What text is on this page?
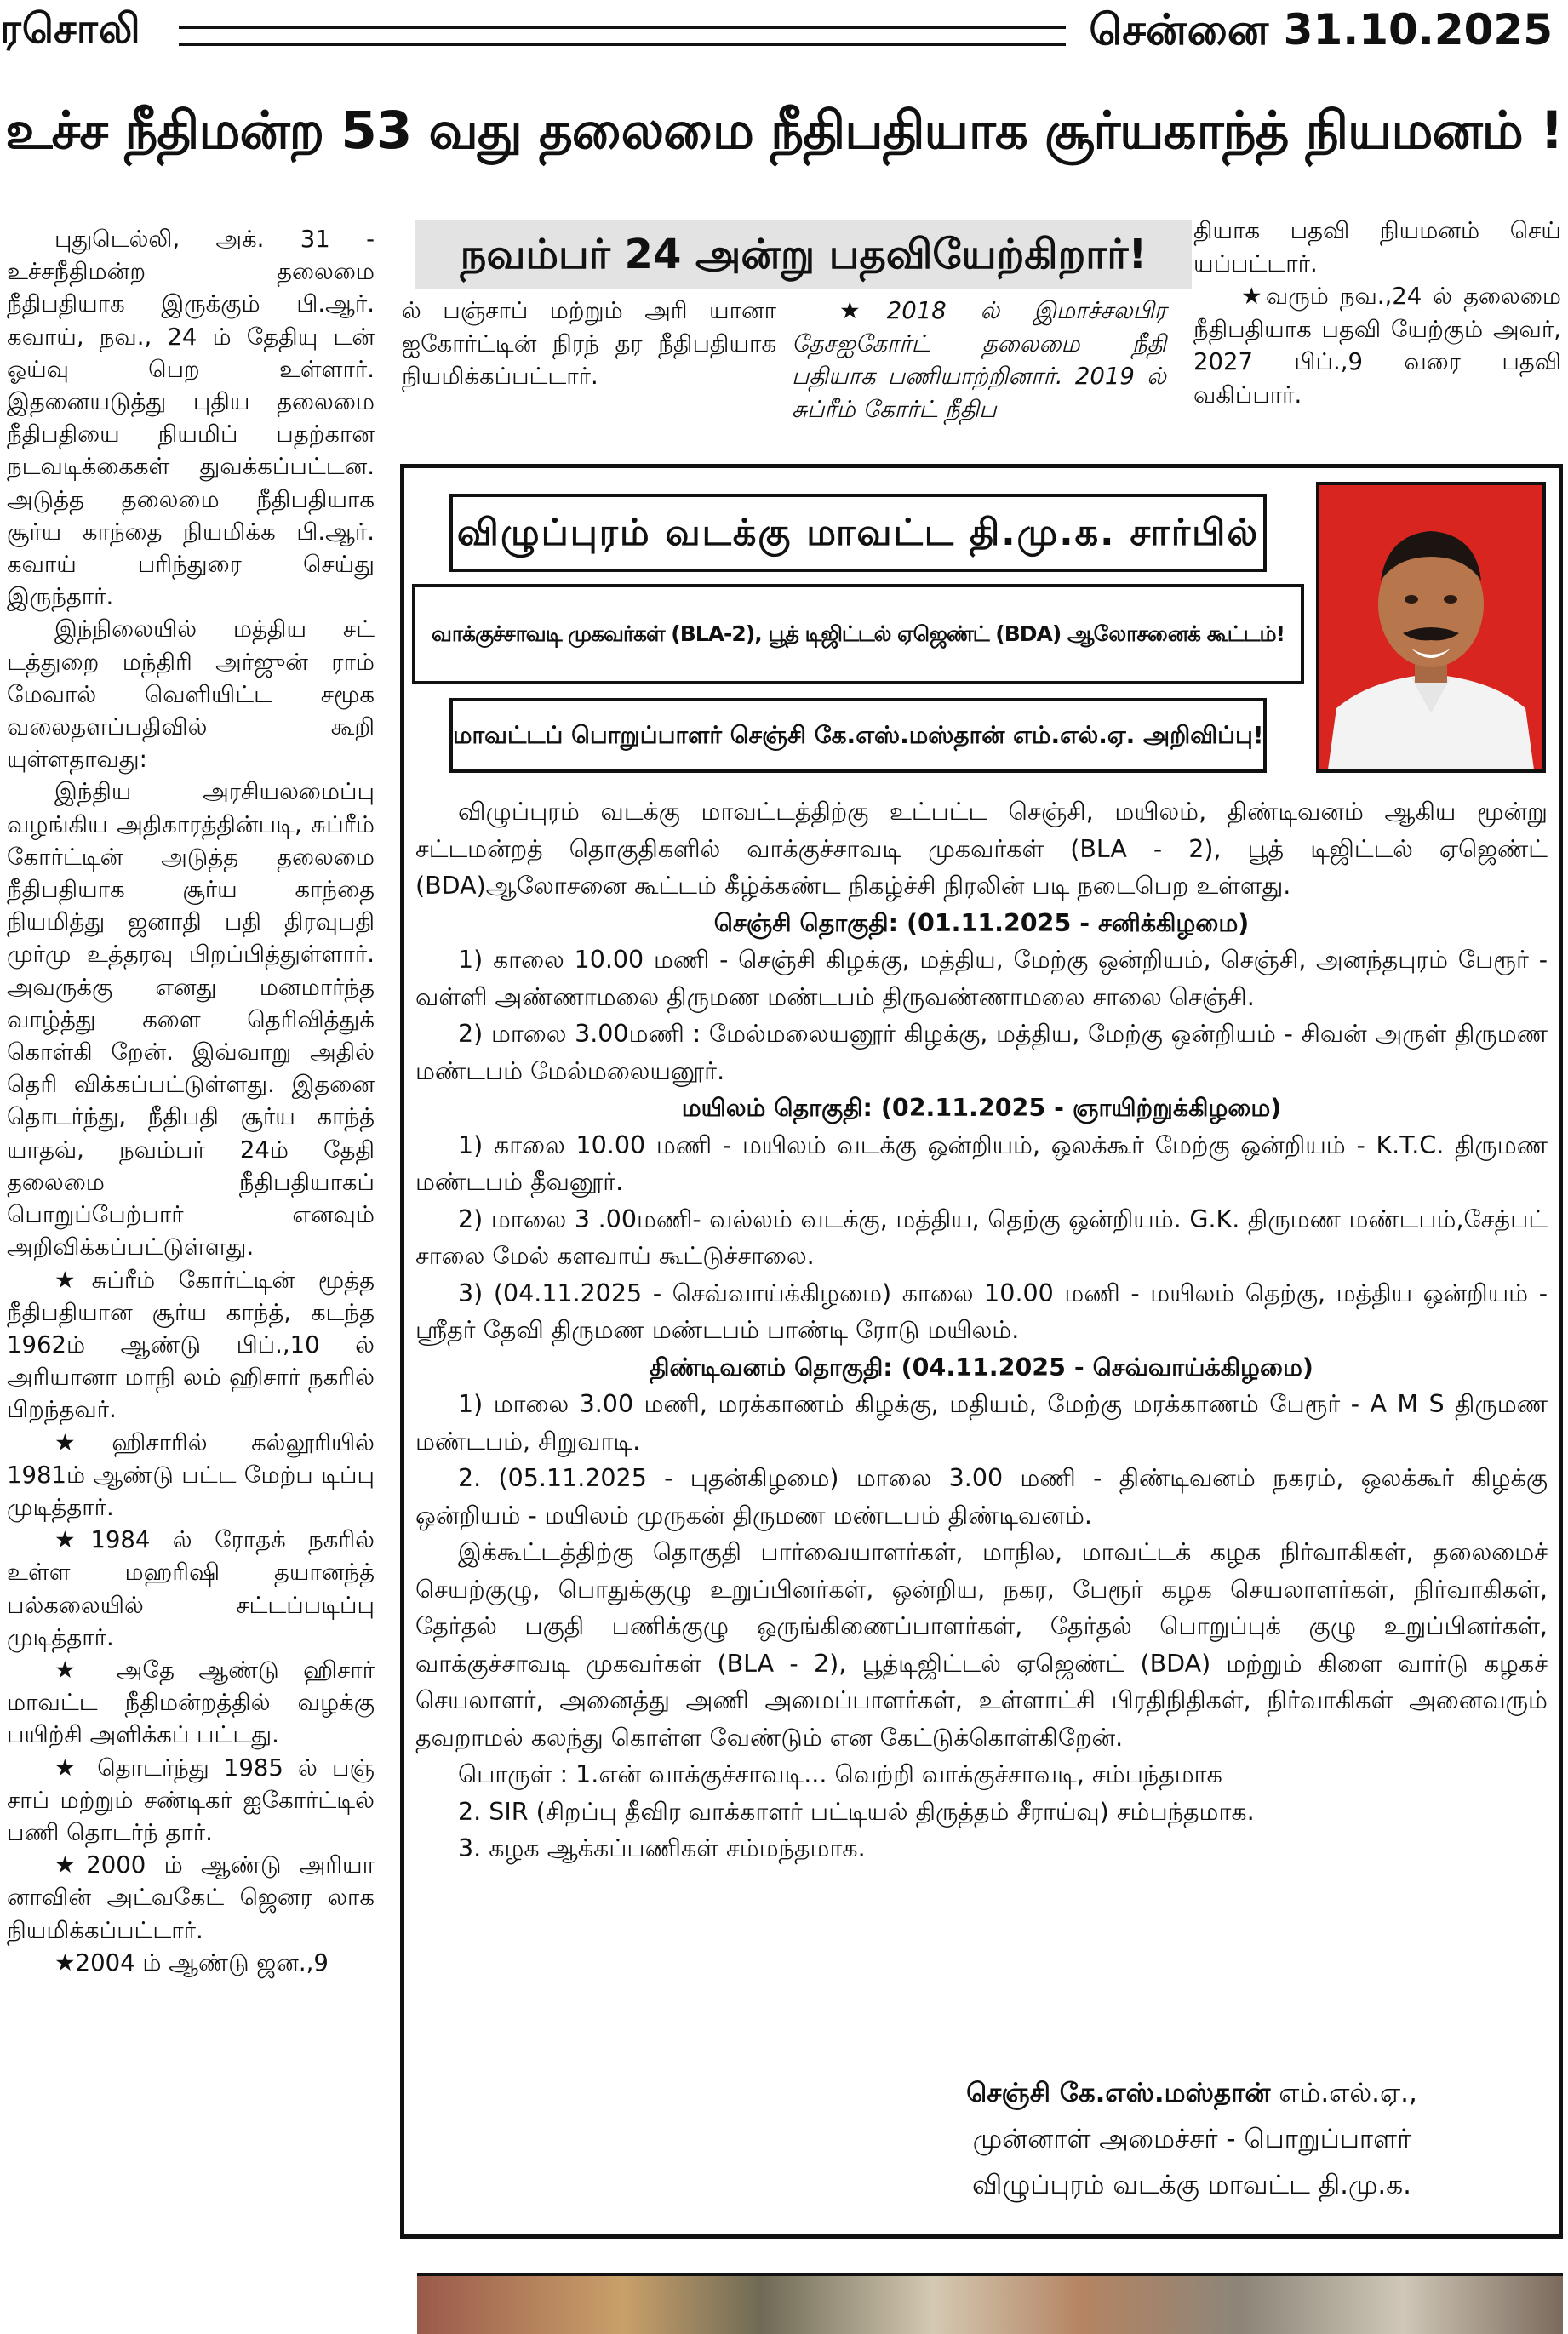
ரசொலி	சென்னை 31.10.2025
உச்ச நீதிமன்ற 53 வது தலைமை நீதிபதியாக சூர்யகாந்த் நியமனம் !

புதுடெல்லி, அக். 31 - உச்சநீதிமன்ற தலைமை நீதிபதியாக இருக்கும் பி.ஆர். கவாய், நவ., 24 ம் தேதியு டன் ஓய்வு பெற உள்ளார். இதனையடுத்து புதிய தலைமை நீதிபதியை நியமிப் பதற்கான நடவடிக்கைகள் துவக்கப்பட்டன. அடுத்த தலைமை நீதிபதியாக சூர்ய காந்தை நியமிக்க பி.ஆர். கவாய் பரிந்துரை செய்து இருந்தார்.

இந்நிலையில் மத்திய சட் டத்துறை மந்திரி அர்ஜுன் ராம் மேவால் வெளியிட்ட சமூக வலைதளப்பதிவில் கூறி யுள்ளதாவது:

இந்திய அரசியலமைப்பு வழங்கிய அதிகாரத்தின்படி, சுப்ரீம் கோர்ட்டின் அடுத்த தலைமை நீதிபதியாக சூர்ய காந்தை நியமித்து ஜனாதி பதி திரவுபதி முர்மு உத்தரவு பிறப்பித்துள்ளார். அவருக்கு எனது மனமார்ந்த வாழ்த்து களை தெரிவித்துக் கொள்கி றேன். இவ்வாறு அதில் தெரி விக்கப்பட்டுள்ளது. இதனை தொடர்ந்து, நீதிபதி சூர்ய காந்த் யாதவ், நவம்பர் 24ம் தேதி தலைமை நீதிபதியாகப் பொறுப்பேற்பார் எனவும் அறிவிக்கப்பட்டுள்ளது.

★சுப்ரீம் கோர்ட்டின் மூத்த நீதிபதியான சூர்ய காந்த், கடந்த 1962ம் ஆண்டு பிப்.,10 ல் அரியானா மாநி லம் ஹிசார் நகரில் பிறந்தவர்.

★ஹிசாரில் கல்லூரியில் 1981ம் ஆண்டு பட்ட மேற்ப டிப்பு முடித்தார்.

★1984 ல் ரோதக் நகரில் உள்ள மஹரிஷி தயானந்த் பல்கலையில் சட்டப்படிப்பு முடித்தார்.

★ அதே ஆண்டு ஹிசார் மாவட்ட நீதிமன்றத்தில் வழக்கு பயிற்சி அளிக்கப் பட்டது.

★ தொடர்ந்து 1985 ல் பஞ் சாப் மற்றும் சண்டிகர் ஐகோர்ட்டில் பணி தொடர்ந் தார்.

★2000 ம் ஆண்டு அரியா னாவின் அட்வகேட் ஜெனர லாக நியமிக்கப்பட்டார்.

★2004 ம் ஆண்டு ஜன.,9

நவம்பர் 24 அன்று பதவியேற்கிறார்!

ல் பஞ்சாப் மற்றும் அரி யானா ஐகோர்ட்டின் நிரந் தர நீதிபதியாக நியமிக்கப்பட்டார்.

★2018 ல் இமாச்சலபிர தேசஐகோர்ட் தலைமை நீதி பதியாக பணியாற்றினார். 2019 ல் சுப்ரீம் கோர்ட் நீதிப

தியாக பதவி நியமனம் செய் யப்பட்டார்.

★வரும் நவ.,24 ல் தலைமை நீதிபதியாக பதவி யேற்கும் அவர், 2027 பிப்.,9 வரை பதவி வகிப்பார்.

விழுப்புரம் வடக்கு மாவட்ட தி.மு.க. சார்பில்
வாக்குச்சாவடி முகவர்கள் (BLA-2), பூத் டிஜிட்டல் ஏஜெண்ட் (BDA) ஆலோசனைக் கூட்டம்!
மாவட்டப் பொறுப்பாளர் செஞ்சி கே.எஸ்.மஸ்தான் எம்.எல்.ஏ. அறிவிப்பு!

விழுப்புரம் வடக்கு மாவட்டத்திற்கு உட்பட்ட செஞ்சி, மயிலம், திண்டிவனம் ஆகிய மூன்று சட்டமன்றத் தொகுதிகளில் வாக்குச்சாவடி முகவர்கள் (BLA - 2), பூத் டிஜிட்டல் ஏஜெண்ட் (BDA)ஆலோசனை கூட்டம் கீழ்க்கண்ட நிகழ்ச்சி நிரலின் படி நடைபெற உள்ளது.

செஞ்சி தொகுதி: (01.11.2025 - சனிக்கிழமை)

1) காலை 10.00 மணி - செஞ்சி கிழக்கு, மத்திய, மேற்கு ஒன்றியம், செஞ்சி, அனந்தபுரம் பேரூர் - வள்ளி அண்ணாமலை திருமண மண்டபம் திருவண்ணாமலை சாலை செஞ்சி.

2) மாலை 3.00மணி : மேல்மலையனூர் கிழக்கு, மத்திய, மேற்கு ஒன்றியம் - சிவன் அருள் திருமண மண்டபம் மேல்மலையனூர்.

மயிலம் தொகுதி: (02.11.2025 - ஞாயிற்றுக்கிழமை)

1) காலை 10.00 மணி - மயிலம் வடக்கு ஒன்றியம், ஒலக்கூர் மேற்கு ஒன்றியம் - K.T.C. திருமண மண்டபம் தீவனூர்.

2) மாலை 3 .00மணி- வல்லம் வடக்கு, மத்திய, தெற்கு ஒன்றியம். G.K. திருமண மண்டபம்,சேத்பட் சாலை மேல் களவாய் கூட்டுச்சாலை.

3) (04.11.2025 - செவ்வாய்க்கிழமை) காலை 10.00 மணி - மயிலம் தெற்கு, மத்திய ஒன்றியம் - ஸ்ரீதர் தேவி திருமண மண்டபம் பாண்டி ரோடு மயிலம்.

திண்டிவனம் தொகுதி: (04.11.2025 - செவ்வாய்க்கிழமை)

1) மாலை 3.00 மணி, மரக்காணம் கிழக்கு, மதியம், மேற்கு மரக்காணம் பேரூர் - A M S திருமண மண்டபம், சிறுவாடி.

2. (05.11.2025 - புதன்கிழமை) மாலை 3.00 மணி - திண்டிவனம் நகரம், ஒலக்கூர் கிழக்கு ஒன்றியம் - மயிலம் முருகன் திருமண மண்டபம் திண்டிவனம்.

இக்கூட்டத்திற்கு தொகுதி பார்வையாளர்கள், மாநில, மாவட்டக் கழக நிர்வாகிகள், தலைமைச் செயற்குழு, பொதுக்குழு உறுப்பினர்கள், ஒன்றிய, நகர, பேரூர் கழக செயலாளர்கள், நிர்வாகிகள், தேர்தல் பகுதி பணிக்குழு ஒருங்கிணைப்பாளர்கள், தேர்தல் பொறுப்புக் குழு உறுப்பினர்கள், வாக்குச்சாவடி முகவர்கள் (BLA - 2), பூத்டிஜிட்டல் ஏஜெண்ட் (BDA) மற்றும் கிளை வார்டு கழகச் செயலாளர், அனைத்து அணி அமைப்பாளர்கள், உள்ளாட்சி பிரதிநிதிகள், நிர்வாகிகள் அனைவரும் தவறாமல் கலந்து கொள்ள வேண்டும் என கேட்டுக்கொள்கிறேன்.

பொருள் : 1.என் வாக்குச்சாவடி... வெற்றி வாக்குச்சாவடி, சம்பந்தமாக

2. SIR (சிறப்பு தீவிர வாக்காளர் பட்டியல் திருத்தம் சீராய்வு) சம்பந்தமாக.

3. கழக ஆக்கப்பணிகள் சம்மந்தமாக.

செஞ்சி கே.எஸ்.மஸ்தான் எம்.எல்.ஏ.,
முன்னாள் அமைச்சர் - பொறுப்பாளர்
விழுப்புரம் வடக்கு மாவட்ட தி.மு.க.
